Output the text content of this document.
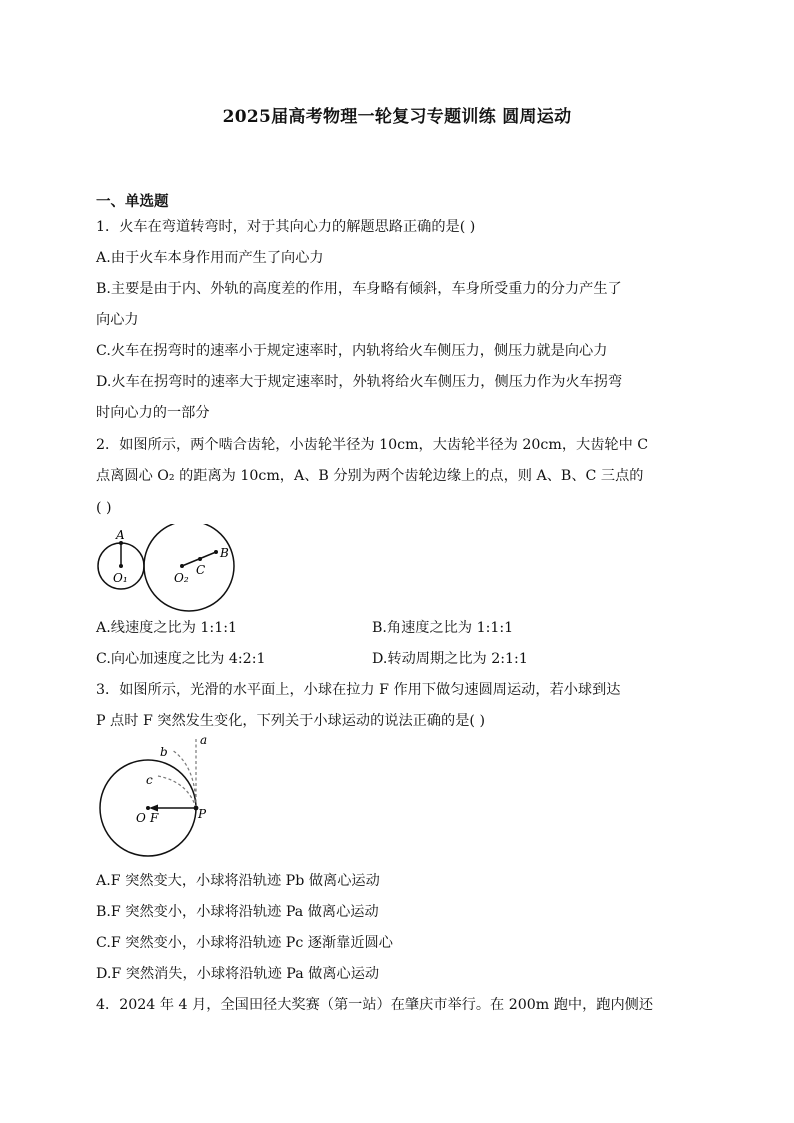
2025届高考物理一轮复习专题训练 圆周运动
一、单选题
1．火车在弯道转弯时，对于其向心力的解题思路正确的是( )
A.由于火车本身作用而产生了向心力
B.主要是由于内、外轨的高度差的作用，车身略有倾斜，车身所受重力的分力产生了
向心力
C.火车在拐弯时的速率小于规定速率时，内轨将给火车侧压力，侧压力就是向心力
D.火车在拐弯时的速率大于规定速率时，外轨将给火车侧压力，侧压力作为火车拐弯
时向心力的一部分
2．如图所示，两个啮合齿轮，小齿轮半径为 10cm，大齿轮半径为 20cm，大齿轮中 C
点离圆心 O₂ 的距离为 10cm，A、B 分别为两个齿轮边缘上的点，则 A、B、C 三点的
( )
A
O₁	O₂
C
B
A.线速度之比为 1:1:1	B.角速度之比为 1:1:1
C.向心加速度之比为 4:2:1	D.转动周期之比为 2:1:1
3．如图所示，光滑的水平面上，小球在拉力 F 作用下做匀速圆周运动，若小球到达
P 点时 F 突然发生变化，下列关于小球运动的说法正确的是( )
a
b
c
O F	P
A.F 突然变大，小球将沿轨迹 Pb 做离心运动
B.F 突然变小，小球将沿轨迹 Pa 做离心运动
C.F 突然变小，小球将沿轨迹 Pc 逐渐靠近圆心
D.F 突然消失，小球将沿轨迹 Pa 做离心运动
4．2024 年 4 月，全国田径大奖赛（第一站）在肇庆市举行。在 200m 跑中，跑内侧还
